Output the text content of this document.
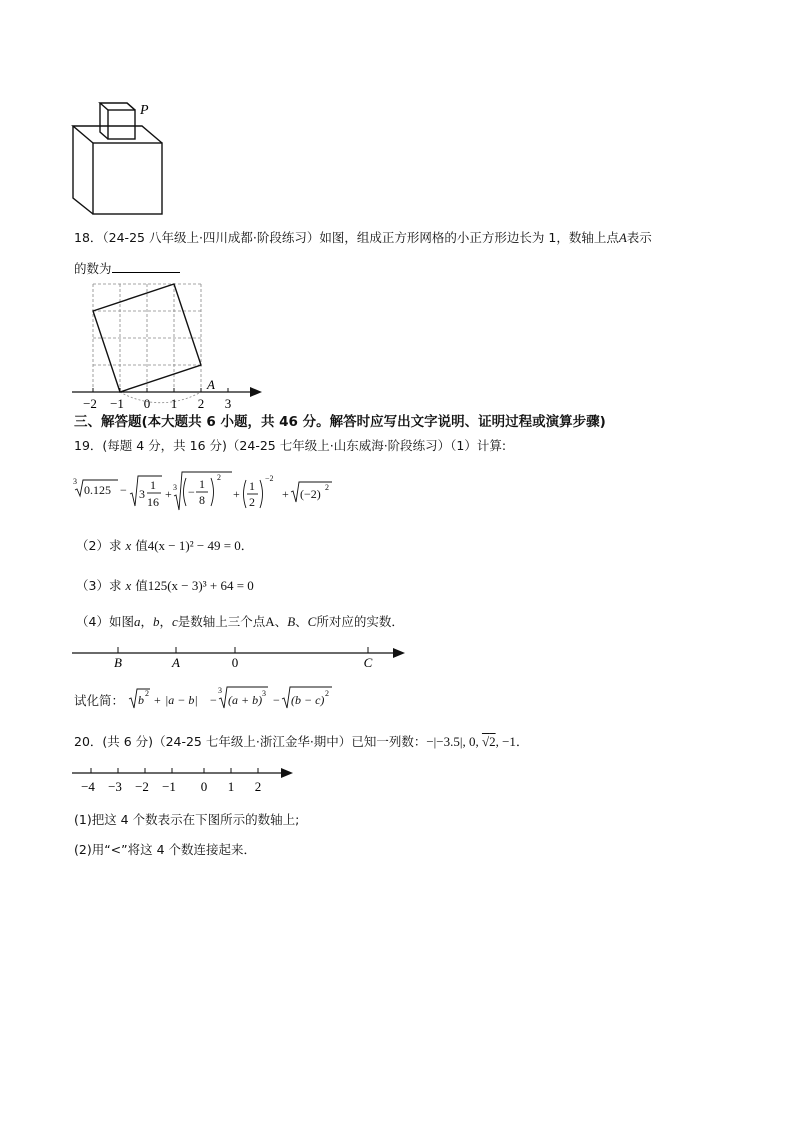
P
18．（24-25 八年级上·四川成都·阶段练习）如图，组成正方形网格的小正方形边长为 1，数轴上点A表示
的数为
−2 −1 0 1 2 3
A
三、解答题(本大题共 6 小题，共 46 分。解答时应写出文字说明、证明过程或演算步骤)
19．(每题 4 分，共 16 分)（24-25 七年级上·山东威海·阶段练习）（1）计算:
3
0.125 − 3
1
16
+ 3 −
1
8
2
+
1
2
−2
+ (−2) 2
（2）求 x 值4(x − 1)² − 49 = 0．
（3）求 x 值125(x − 3)³ + 64 = 0
（4）如图a，b，c是数轴上三个点A、B、C所对应的实数．
B	A	0	C
试化简： b 2 + |a − b| −
3
(a + b) 3 − (b − c) 2
20．(共 6 分)（24-25 七年级上·浙江金华·期中）已知一列数：−|−3.5|, 0, √2, −1．
−4 −3 −2 −1 0 1 2
(1)把这 4 个数表示在下图所示的数轴上;
(2)用“<”将这 4 个数连接起来．
